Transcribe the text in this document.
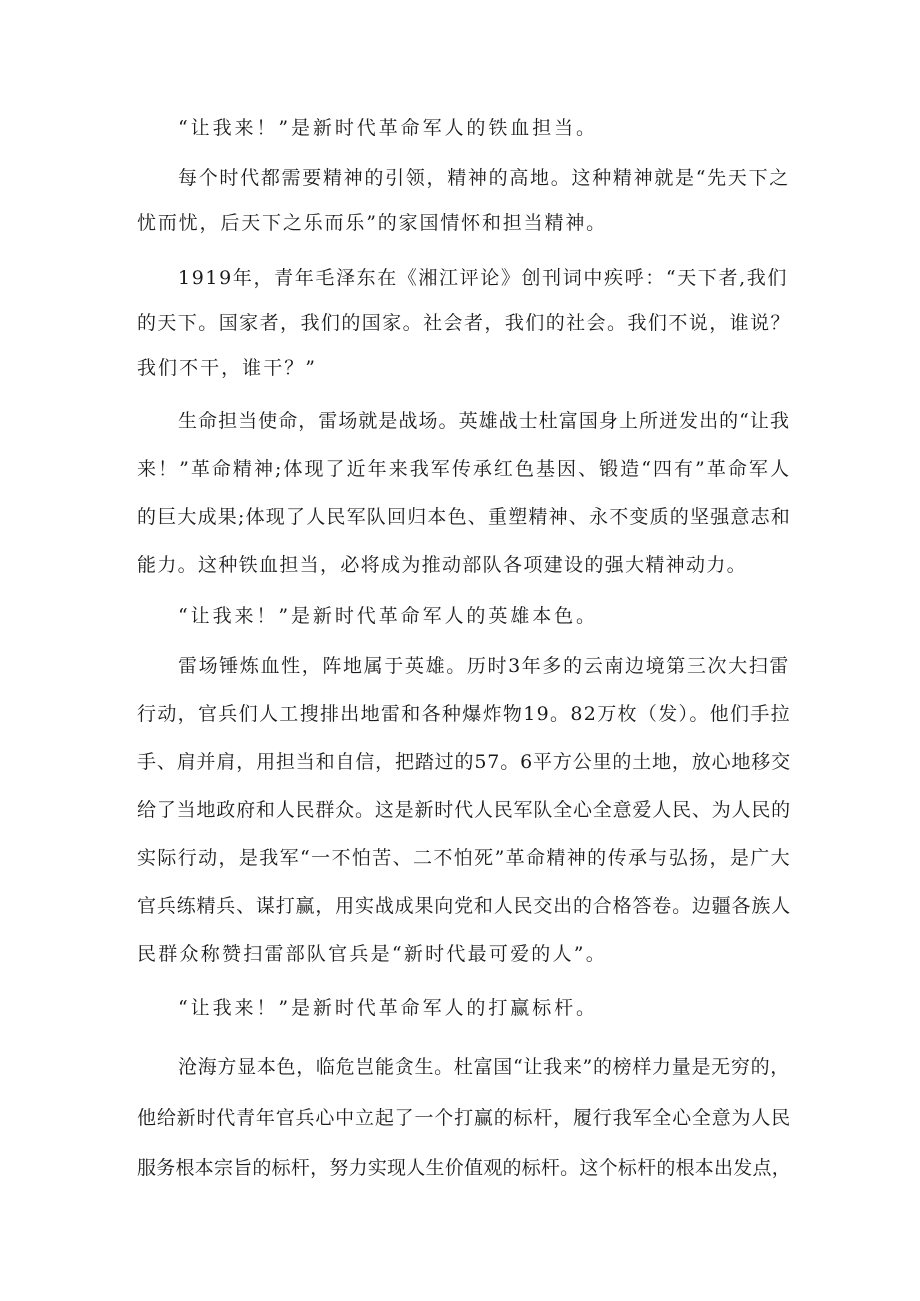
“让我来！”是新时代革命军人的铁血担当。

每个时代都需要精神的引领，精神的高地。这种精神就是“先天下之

忧而忧，后天下之乐而乐”的家国情怀和担当精神。

1919年，青年毛泽东在《湘江评论》创刊词中疾呼：“天下者,我们

的天下。国家者，我们的国家。社会者，我们的社会。我们不说，谁说？

我们不干，谁干？”

生命担当使命，雷场就是战场。英雄战士杜富国身上所迸发出的“让我

来！”革命精神;体现了近年来我军传承红色基因、锻造“四有”革命军人

的巨大成果;体现了人民军队回归本色、重塑精神、永不变质的坚强意志和

能力。这种铁血担当，必将成为推动部队各项建设的强大精神动力。

“让我来！”是新时代革命军人的英雄本色。

雷场锤炼血性，阵地属于英雄。历时3年多的云南边境第三次大扫雷

行动，官兵们人工搜排出地雷和各种爆炸物19。82万枚（发）。他们手拉

手、肩并肩，用担当和自信，把踏过的57。6平方公里的土地，放心地移交

给了当地政府和人民群众。这是新时代人民军队全心全意爱人民、为人民的

实际行动，是我军“一不怕苦、二不怕死”革命精神的传承与弘扬，是广大

官兵练精兵、谋打赢，用实战成果向党和人民交出的合格答卷。边疆各族人

民群众称赞扫雷部队官兵是“新时代最可爱的人”。

“让我来！”是新时代革命军人的打赢标杆。

沧海方显本色，临危岂能贪生。杜富国“让我来”的榜样力量是无穷的，

他给新时代青年官兵心中立起了一个打赢的标杆，履行我军全心全意为人民

服务根本宗旨的标杆，努力实现人生价值观的标杆。这个标杆的根本出发点，
